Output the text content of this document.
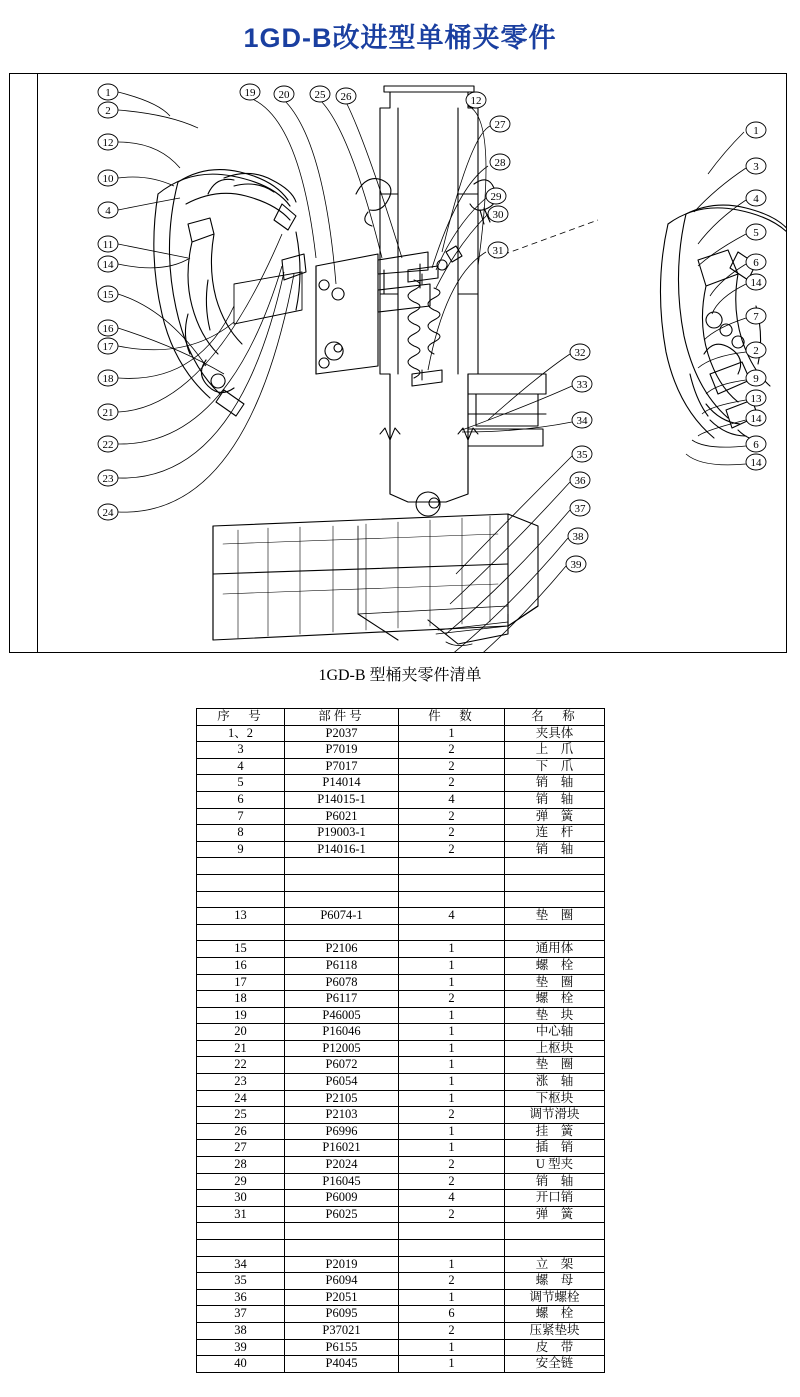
1GD-B改进型单桶夹零件
1
2
12
10
4
11
14
15
16
17
18
21
22
23
24
19 20 25 26	12
27
28
29
30
31
32
33
34
35
36
37
38
39
1
3
4
5
6
14
7
2
9
13
14
6
14
1GD-B 型桶夹零件清单
序　号	部件号	件　数	名　称
1、2	P2037	1	夹具体
3	P7019	2	上　爪
4	P7017	2	下　爪
5	P14014	2	销　轴
6	P14015-1	4	销　轴
7	P6021	2	弹　簧
8	P19003-1	2	连　杆
9	P14016-1	2	销　轴

13	P6074-1	4	垫　圈

15	P2106	1	通用体
16	P6118	1	螺　栓
17	P6078	1	垫　圈
18	P6117	2	螺　栓
19	P46005	1	垫　块
20	P16046	1	中心轴
21	P12005	1	上枢块
22	P6072	1	垫　圈
23	P6054	1	涨　轴
24	P2105	1	下枢块
25	P2103	2	调节滑块
26	P6996	1	挂　簧
27	P16021	1	插　销
28	P2024	2	U 型夹
29	P16045	2	销　轴
30	P6009	4	开口销
31	P6025	2	弹　簧

34	P2019	1	立　架
35	P6094	2	螺　母
36	P2051	1	调节螺栓
37	P6095	6	螺　栓
38	P37021	2	压紧垫块
39	P6155	1	皮　带
40	P4045	1	安全链
